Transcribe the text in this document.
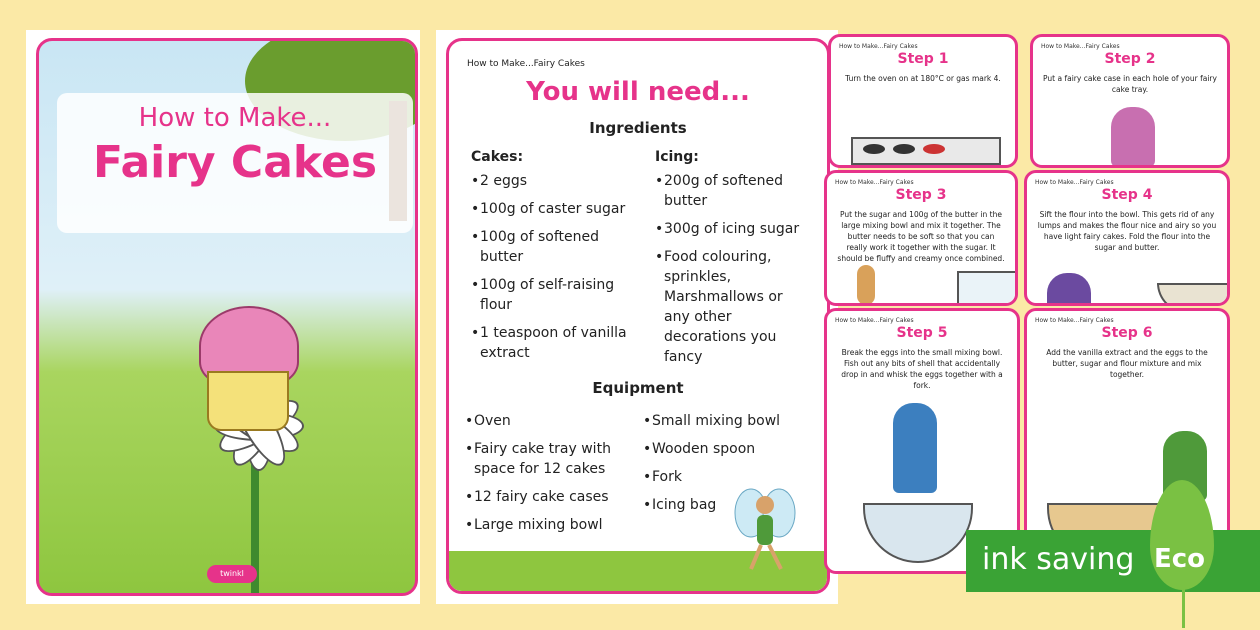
How to Make...
Fairy Cakes
twinkl
How to Make...Fairy Cakes
You will need...
Ingredients
Cakes:
• 2 eggs
• 100g of caster sugar
• 100g of softened butter
• 100g of self-raising flour
• 1 teaspoon of vanilla extract
Icing:
• 200g of softened butter
• 300g of icing sugar
• Food colouring, sprinkles, Marshmallows or any other decorations you fancy
Equipment
• Oven
• Fairy cake tray with space for 12 cakes
• 12 fairy cake cases
• Large mixing bowl
• Small mixing bowl
• Wooden spoon
• Fork
• Icing bag
How to Make...Fairy Cakes
Step 1
Turn the oven on at 180°C or gas mark 4.
How to Make...Fairy Cakes
Step 2
Put a fairy cake case in each hole of your fairy cake tray.
How to Make...Fairy Cakes
Step 3
Put the sugar and 100g of the butter in the large mixing bowl and mix it together. The butter needs to be soft so that you can really work it together with the sugar. It should be fluffy and creamy once combined.
How to Make...Fairy Cakes
Step 4
Sift the flour into the bowl. This gets rid of any lumps and makes the flour nice and airy so you have light fairy cakes. Fold the flour into the sugar and butter.
How to Make...Fairy Cakes
Step 5
Break the eggs into the small mixing bowl. Fish out any bits of shell that accidentally drop in and whisk the eggs together with a fork.
How to Make...Fairy Cakes
Step 6
Add the vanilla extract and the eggs to the butter, sugar and flour mixture and mix together.
ink saving Eco
